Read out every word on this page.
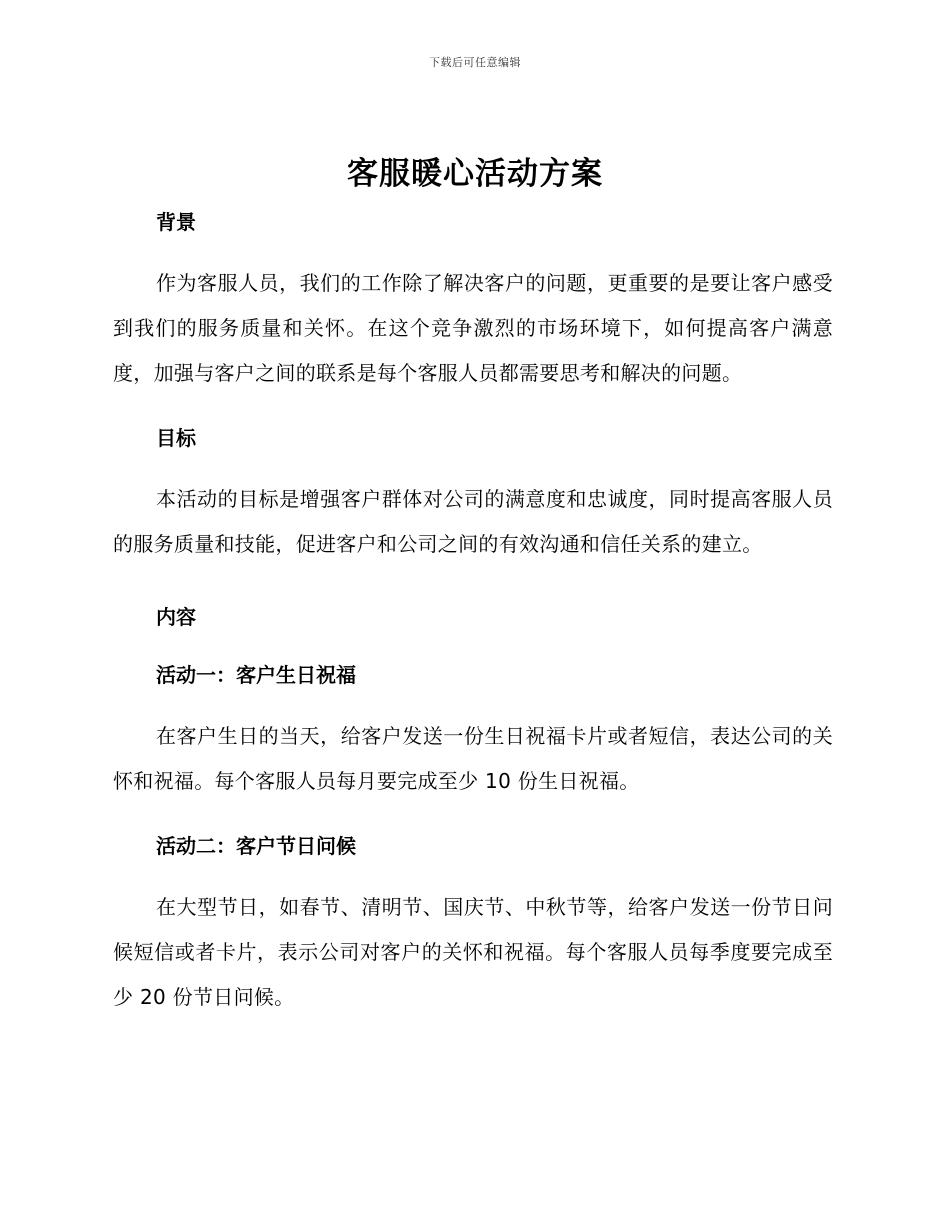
下载后可任意编辑
客服暖心活动方案

背景

作为客服人员，我们的工作除了解决客户的问题，更重要的是要让客户感受到我们的服务质量和关怀。在这个竞争激烈的市场环境下，如何提高客户满意度，加强与客户之间的联系是每个客服人员都需要思考和解决的问题。

目标

本活动的目标是增强客户群体对公司的满意度和忠诚度，同时提高客服人员的服务质量和技能，促进客户和公司之间的有效沟通和信任关系的建立。

内容

活动一：客户生日祝福

在客户生日的当天，给客户发送一份生日祝福卡片或者短信，表达公司的关怀和祝福。每个客服人员每月要完成至少 10 份生日祝福。

活动二：客户节日问候

在大型节日，如春节、清明节、国庆节、中秋节等，给客户发送一份节日问候短信或者卡片，表示公司对客户的关怀和祝福。每个客服人员每季度要完成至少 20 份节日问候。
